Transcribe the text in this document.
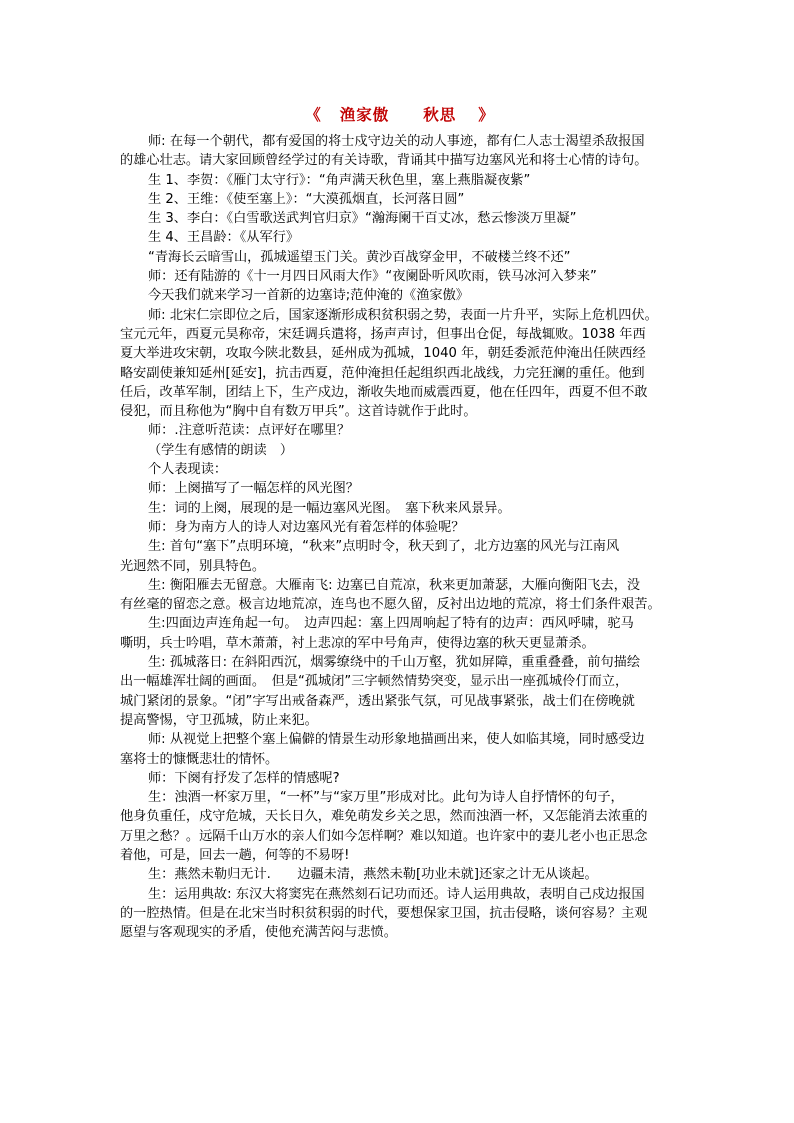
《 渔家傲 秋思 》

师: 在每一个朝代，都有爱国的将士戍守边关的动人事迹，都有仁人志士渴望杀敌报国

的雄心壮志。请大家回顾曾经学过的有关诗歌，背诵其中描写边塞风光和将士心情的诗句。

生 1、李贺：《雁门太守行》：“角声满天秋色里，塞上燕脂凝夜紫”

生 2、王维：《使至塞上》：“大漠孤烟直，长河落日圆”

生 3、李白：《白雪歌送武判官归京》“瀚海阑干百丈冰，愁云惨淡万里凝”

生 4、王昌龄：《从军行》

“青海长云暗雪山，孤城遥望玉门关。黄沙百战穿金甲，不破楼兰终不还”

师：还有陆游的《十一月四日风雨大作》“夜阑卧听风吹雨，铁马冰河入梦来”

今天我们就来学习一首新的边塞诗;范仲淹的《渔家傲》

师: 北宋仁宗即位之后，国家逐渐形成积贫积弱之势，表面一片升平，实际上危机四伏。

宝元元年，西夏元昊称帝，宋廷调兵遣将，扬声声讨，但事出仓促，每战辄败。1038 年西

夏大举进攻宋朝，攻取今陕北数县，延州成为孤城，1040 年，朝廷委派范仲淹出任陕西经

略安副使兼知延州[延安]，抗击西夏，范仲淹担任起组织西北战线，力完狂澜的重任。他到

任后，改革军制，团结上下，生产戍边，渐收失地而威震西夏，他在任四年，西夏不但不敢

侵犯，而且称他为“胸中自有数万甲兵”。这首诗就作于此时。

师：.注意听范读：点评好在哪里？

（学生有感情的朗读　）

个人表现读：

师：上阕描写了一幅怎样的风光图？

生：词的上阕，展现的是一幅边塞风光图。　塞下秋来风景异。

师：身为南方人的诗人对边塞风光有着怎样的体验呢？

生: 首句“塞下”点明环境，“秋来”点明时令，秋天到了，北方边塞的风光与江南风

光迥然不同，别具特色。

生: 衡阳雁去无留意。大雁南飞: 边塞已自荒凉，秋来更加萧瑟，大雁向衡阳飞去，没

有丝毫的留恋之意。极言边地荒凉，连鸟也不愿久留，反衬出边地的荒凉，将士们条件艰苦。

生:四面边声连角起一句。　边声四起：塞上四周响起了特有的边声：西风呼啸，驼马

嘶明，兵士吟唱，草木萧萧，衬上悲凉的军中号角声，使得边塞的秋天更显萧杀。

生: 孤城落日: 在斜阳西沉，烟雾缭绕中的千山万壑，犹如屏障，重重叠叠，前句描绘

出一幅雄浑壮阔的画面。　但是“孤城闭”三字顿然情势突变，显示出一座孤城伶仃而立，

城门紧闭的景象。“闭”字写出戒备森严，透出紧张气氛，可见战事紧张，战士们在傍晚就

提高警惕，守卫孤城，防止来犯。

师: 从视觉上把整个塞上偏僻的情景生动形象地描画出来，使人如临其境，同时感受边

塞将士的慷慨悲壮的情怀。

师：下阕有抒发了怎样的情感呢?

生：浊酒一杯家万里，“一杯”与“家万里”形成对比。此句为诗人自抒情怀的句子，

他身负重任，戍守危城，天长日久，难免萌发乡关之思，然而浊酒一杯，又怎能消去浓重的

万里之愁？。远隔千山万水的亲人们如今怎样啊？难以知道。也许家中的妻儿老小也正思念

着他，可是，回去一趟，何等的不易呀!

生：燕然未勒归无计.　　边疆未清，燕然未勒[功业未就]还家之计无从谈起。

生：运用典故: 东汉大将窦宪在燕然刻石记功而还。诗人运用典故，表明自己戍边报国

的一腔热情。但是在北宋当时积贫积弱的时代，要想保家卫国，抗击侵略，谈何容易？主观

愿望与客观现实的矛盾，使他充满苦闷与悲愤。
